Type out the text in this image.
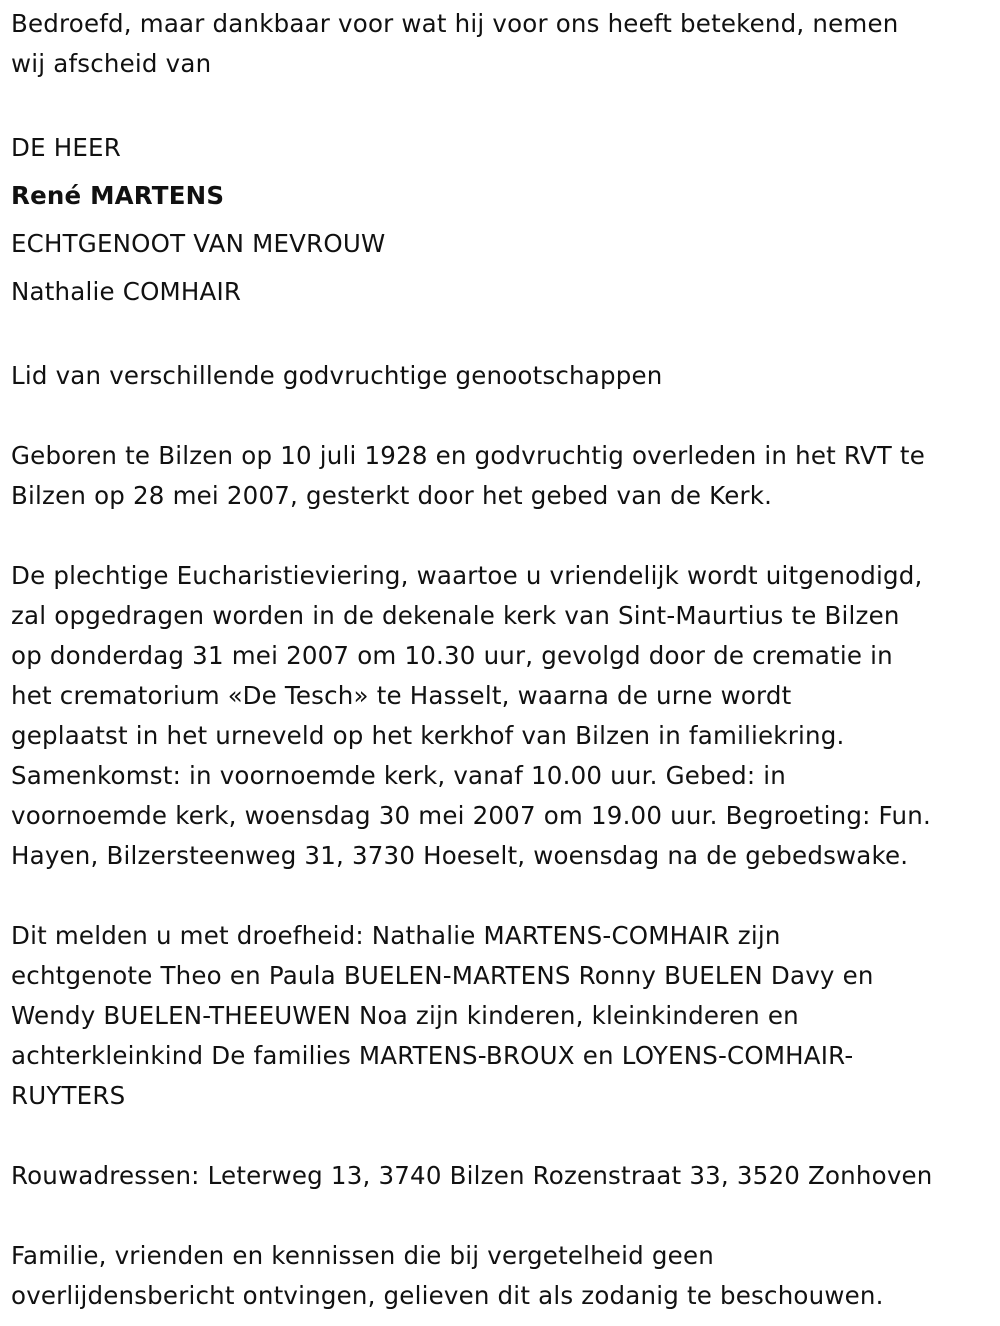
Bedroefd, maar dankbaar voor wat hij voor ons heeft betekend, nemen
wij afscheid van

DE HEER
René MARTENS
ECHTGENOOT VAN MEVROUW
Nathalie COMHAIR

Lid van verschillende godvruchtige genootschappen

Geboren te Bilzen op 10 juli 1928 en godvruchtig overleden in het RVT te
Bilzen op 28 mei 2007, gesterkt door het gebed van de Kerk.

De plechtige Eucharistieviering, waartoe u vriendelijk wordt uitgenodigd,
zal opgedragen worden in de dekenale kerk van Sint-Maurtius te Bilzen
op donderdag 31 mei 2007 om 10.30 uur, gevolgd door de crematie in
het crematorium «De Tesch» te Hasselt, waarna de urne wordt
geplaatst in het urneveld op het kerkhof van Bilzen in familiekring.
Samenkomst: in voornoemde kerk, vanaf 10.00 uur. Gebed: in
voornoemde kerk, woensdag 30 mei 2007 om 19.00 uur. Begroeting: Fun.
Hayen, Bilzersteenweg 31, 3730 Hoeselt, woensdag na de gebedswake.

Dit melden u met droefheid: Nathalie MARTENS-COMHAIR zijn
echtgenote Theo en Paula BUELEN-MARTENS Ronny BUELEN Davy en
Wendy BUELEN-THEEUWEN Noa zijn kinderen, kleinkinderen en
achterkleinkind De families MARTENS-BROUX en LOYENS-COMHAIR-
RUYTERS

Rouwadressen: Leterweg 13, 3740 Bilzen Rozenstraat 33, 3520 Zonhoven

Familie, vrienden en kennissen die bij vergetelheid geen
overlijdensbericht ontvingen, gelieven dit als zodanig te beschouwen.
